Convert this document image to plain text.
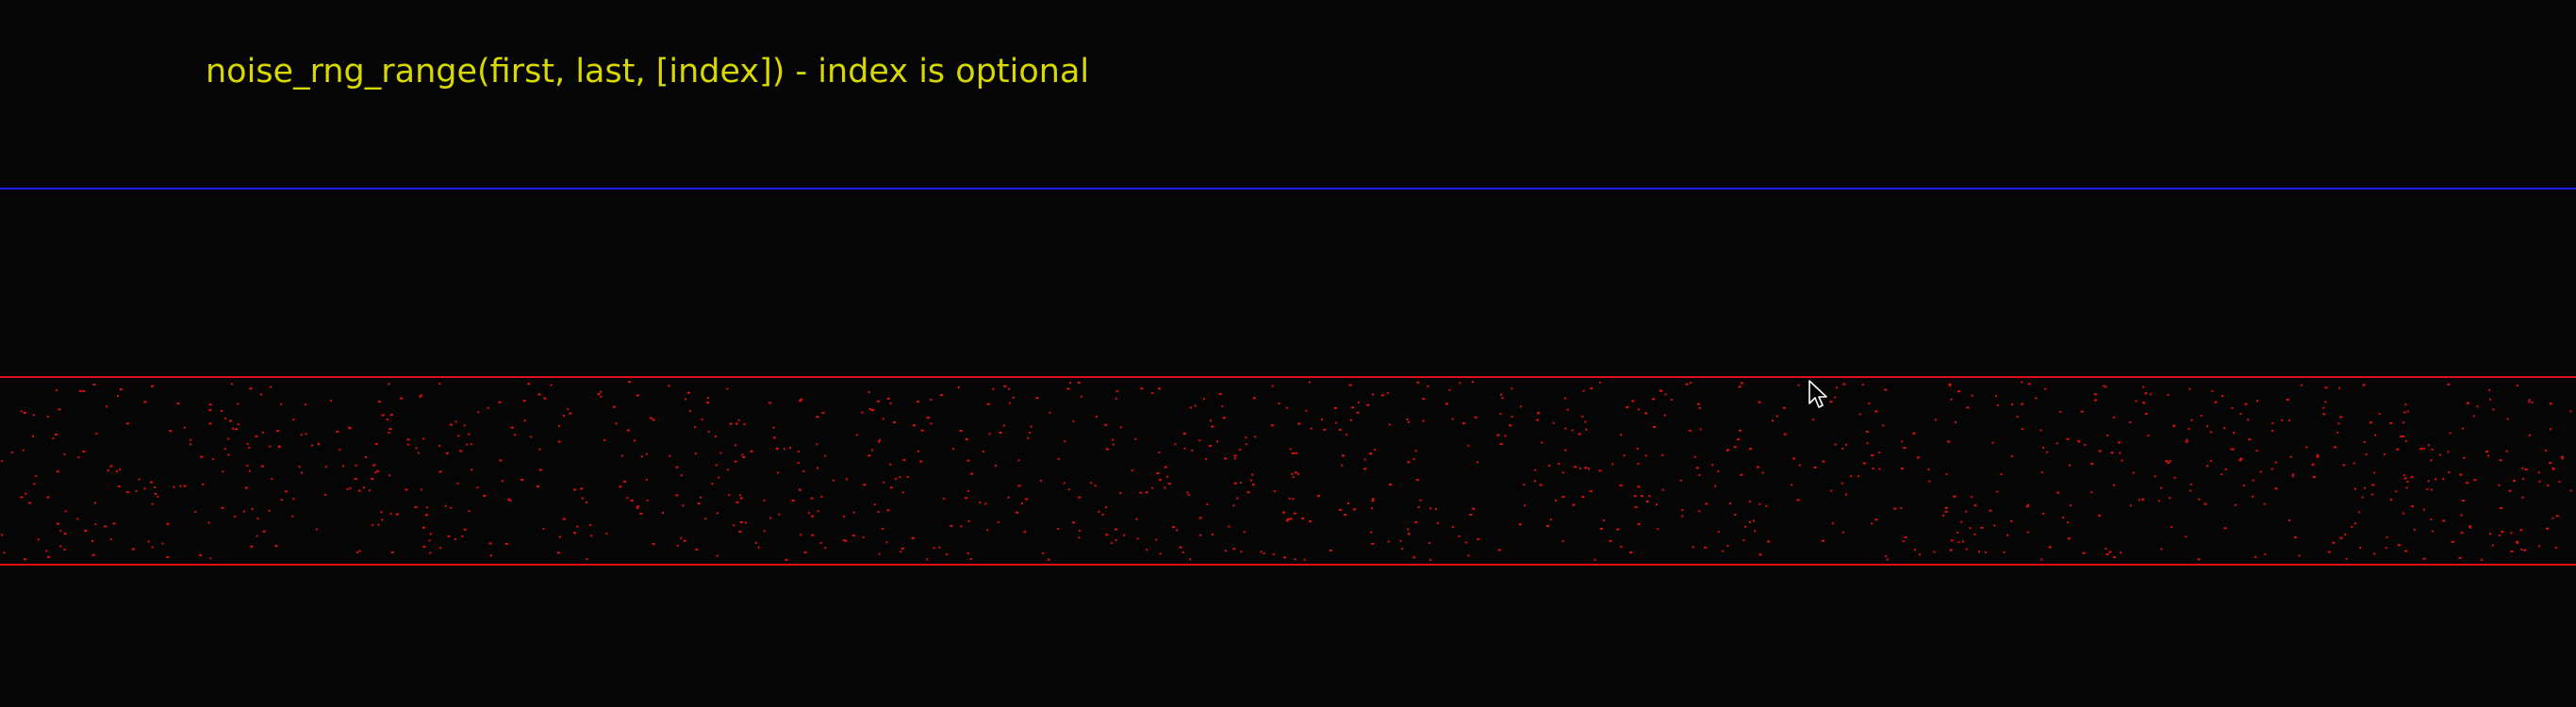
noise_rng_range(first, last, [index]) - index is optional
